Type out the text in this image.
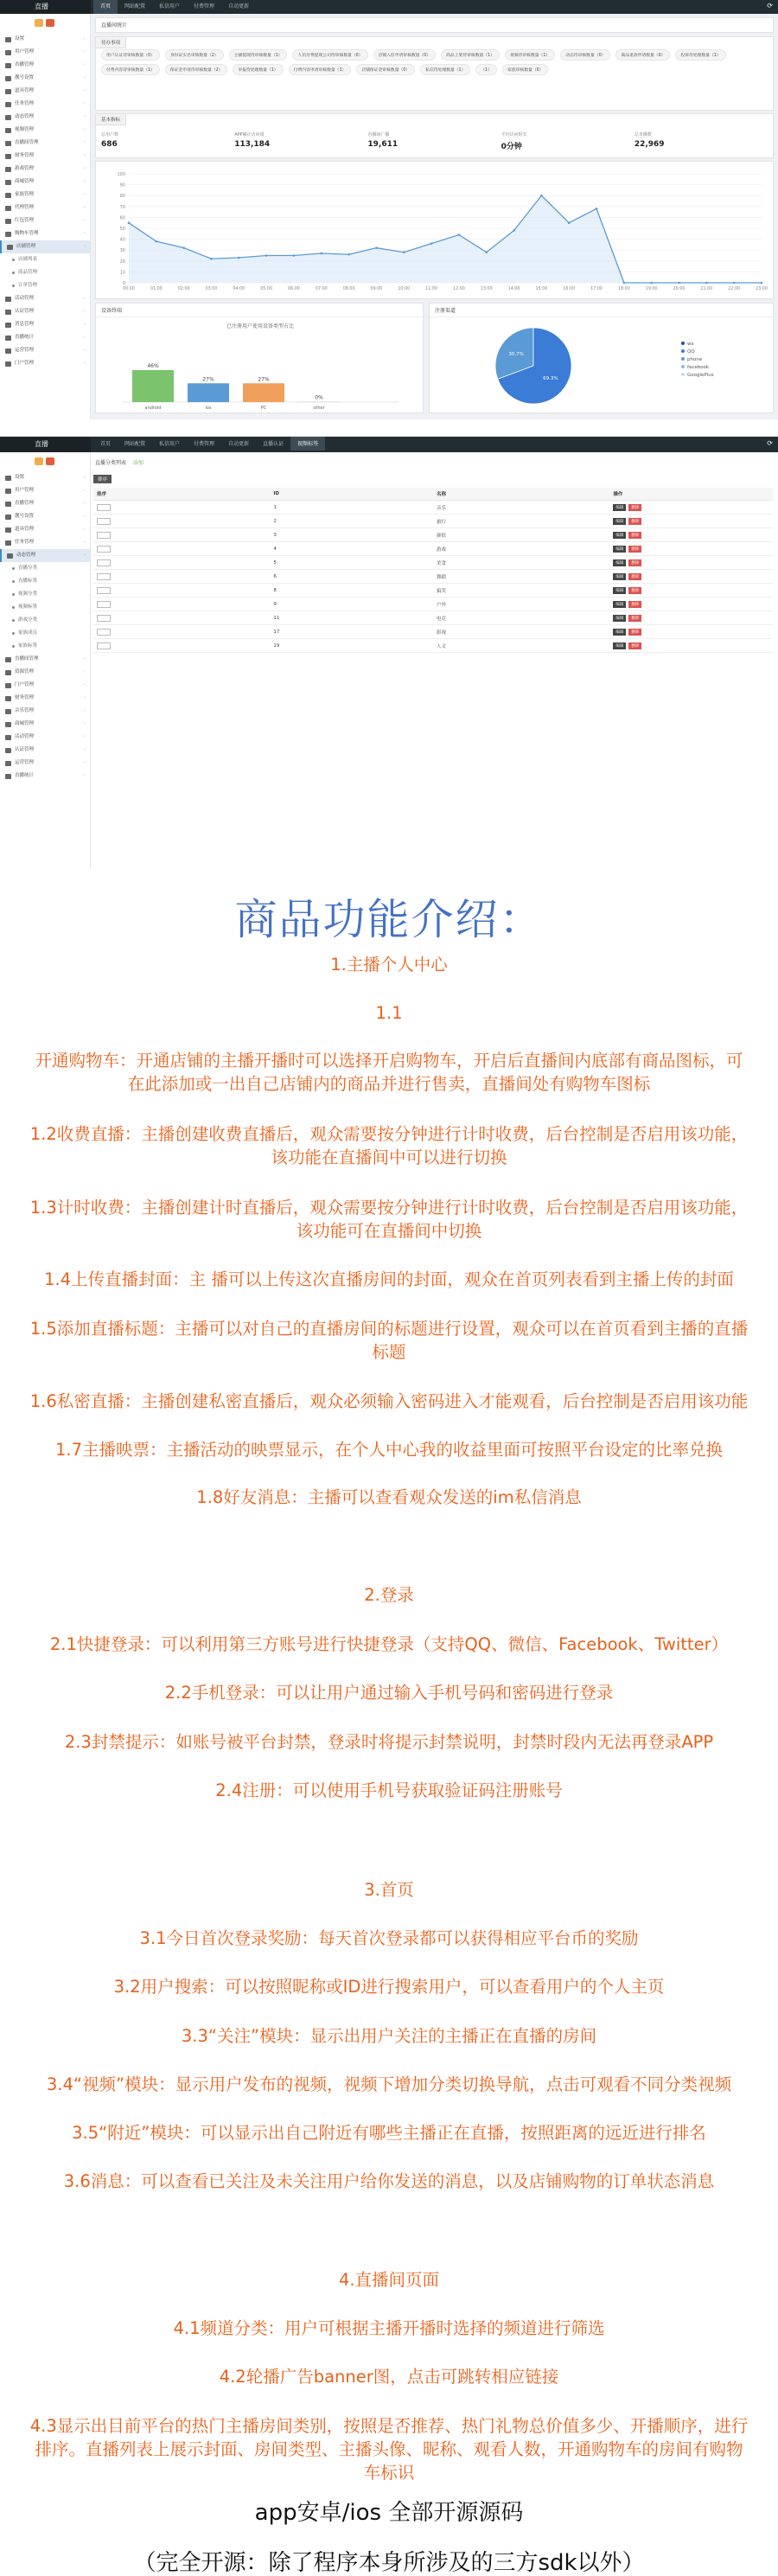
直播	首页	网站配置	私信用户	付费管理	自动更新	⟳
设置	‹
用户管理	‹
直播管理	‹
靓号设置	‹
道具管理	‹
任务管理	‹
动态管理	‹
视频管理	‹
直播间管理	‹
财务管理	‹
游戏管理	‹
商城管理	‹
家族管理	‹
代理管理	‹
红包管理	‹
购物车管理	‹
店铺管理	‹
店铺列表
商品管理
订单管理
活动管理	‹
认证管理	‹
消息管理	‹
直播统计	‹
运营管理	‹
门户管理	‹
直播间统计
待办事项
用户认证待审核数量（0）	身份证实名审核数量（2）	主播提现待审核数量（1）	人员付费提现公司待审核数量（0）	店铺入驻申请审核数量（0）	商品上架待审核数量（1）	视频待审核数量（1）	动态待审核数量（0）	商品退款申请数量（0）	投诉待处理数量（1）
付费内容待审核数量（1）	保证金申请待审核数量（2）	举报待处理数量（1）	付费内容申请审核数量（1）	店铺保证金审核数量（0）	私信待处理数量（1）	（1）	家族审核数量（0）
基本指标
总用户数
686
APP累计访问量
113,184
直播间广播
19,611
平均访问时长
0分钟
总直播数
22,969
0
10
20
30
40
50
60
70
80
90
100
00:00	01:00	02:00	03:00	04:00	05:00	06:00	07:00	08:00	09:00	10:00	11:00	12:00	13:00	14:00	15:00	16:00	17:00	18:00	19:00	20:00	21:00	22:00	23:00
设备终端
已注册用户使用设备类型占比
46%
android
27%
ios
27%
PC
0%
other
注册渠道
30.7%
69.3%
wx
QQ
phone
facebook
GooglePlus
直播	首页	网站配置	私信用户	付费管理	自动更新	直播认证	视频标签	⟳
设置	‹
用户管理	‹
直播管理	‹
靓号设置	‹
道具管理	‹
任务管理	‹
动态管理	‹
直播分类
直播标签
视频分类
视频标签
游戏分类
家族成员
家族标签
直播间管理	‹
资源管理	‹
门户管理	‹
财务管理	‹
音乐管理	‹
商城管理	‹
活动管理	‹
认证管理	‹
运营管理	‹
直播统计	‹
直播分类列表 添加
排序
排序	ID	名称	操作
	1	音乐	编辑 删除
	2	旅行	编辑 删除
	3	颜值	编辑 删除
	4	游戏	编辑 删除
	5	美食	编辑 删除
	6	舞蹈	编辑 删除
	8	搞笑	编辑 删除
	9	户外	编辑 删除
	11	电竞	编辑 删除
	17	影视	编辑 删除
	19	人文	编辑 删除
商品功能介绍：
1.主播个人中心
1.1
开通购物车：开通店铺的主播开播时可以选择开启购物车，开启后直播间内底部有商品图标，可
在此添加或一出自己店铺内的商品并进行售卖，直播间处有购物车图标
1.2收费直播：主播创建收费直播后，观众需要按分钟进行计时收费，后台控制是否启用该功能，
该功能在直播间中可以进行切换
1.3计时收费：主播创建计时直播后，观众需要按分钟进行计时收费，后台控制是否启用该功能，
该功能可在直播间中切换
1.4上传直播封面：主 播可以上传这次直播房间的封面，观众在首页列表看到主播上传的封面
1.5添加直播标题：主播可以对自己的直播房间的标题进行设置，观众可以在首页看到主播的直播
标题
1.6私密直播：主播创建私密直播后，观众必须输入密码进入才能观看，后台控制是否启用该功能
1.7主播映票：主播活动的映票显示，在个人中心我的收益里面可按照平台设定的比率兑换
1.8好友消息：主播可以查看观众发送的im私信消息
2.登录
2.1快捷登录：可以利用第三方账号进行快捷登录（支持QQ、微信、Facebook、Twitter）
2.2手机登录：可以让用户通过输入手机号码和密码进行登录
2.3封禁提示：如账号被平台封禁，登录时将提示封禁说明，封禁时段内无法再登录APP
2.4注册：可以使用手机号获取验证码注册账号
3.首页
3.1今日首次登录奖励：每天首次登录都可以获得相应平台币的奖励
3.2用户搜索：可以按照昵称或ID进行搜索用户，可以查看用户的个人主页
3.3“关注”模块：显示出用户关注的主播正在直播的房间
3.4“视频”模块：显示用户发布的视频，视频下增加分类切换导航，点击可观看不同分类视频
3.5“附近”模块：可以显示出自己附近有哪些主播正在直播，按照距离的远近进行排名
3.6消息：可以查看已关注及未关注用户给你发送的消息，以及店铺购物的订单状态消息
4.直播间页面
4.1频道分类：用户可根据主播开播时选择的频道进行筛选
4.2轮播广告banner图，点击可跳转相应链接
4.3显示出目前平台的热门主播房间类别，按照是否推荐、热门礼物总价值多少、开播顺序，进行
排序。直播列表上展示封面、房间类型、主播头像、昵称、观看人数，开通购物车的房间有购物
车标识
app安卓/ios 全部开源源码
（完全开源：除了程序本身所涉及的三方sdk以外）
